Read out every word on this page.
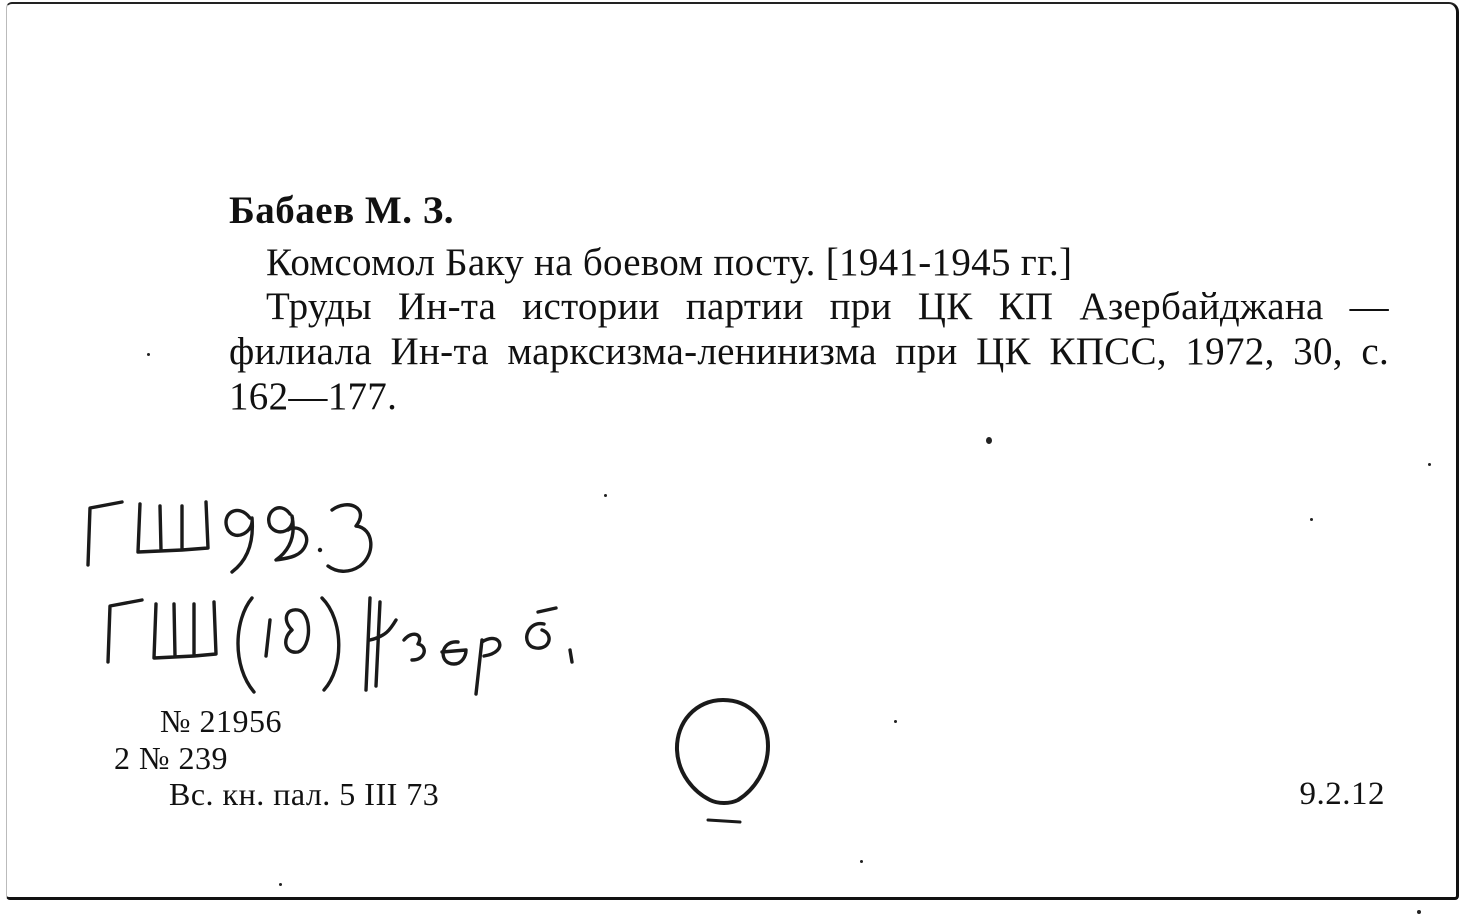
Бабаев М. З.
Комсомол Баку на боевом посту. [1941-1945 гг.]
Труды Ин-та истории партии при ЦК КП Азербайджана — филиала Ин-та марксизма-ленинизма при ЦК КПСС, 1972, 30, с. 162—177.
№ 21956
2 № 239
Вс. кн. пал. 5 III 73	9.2.12
